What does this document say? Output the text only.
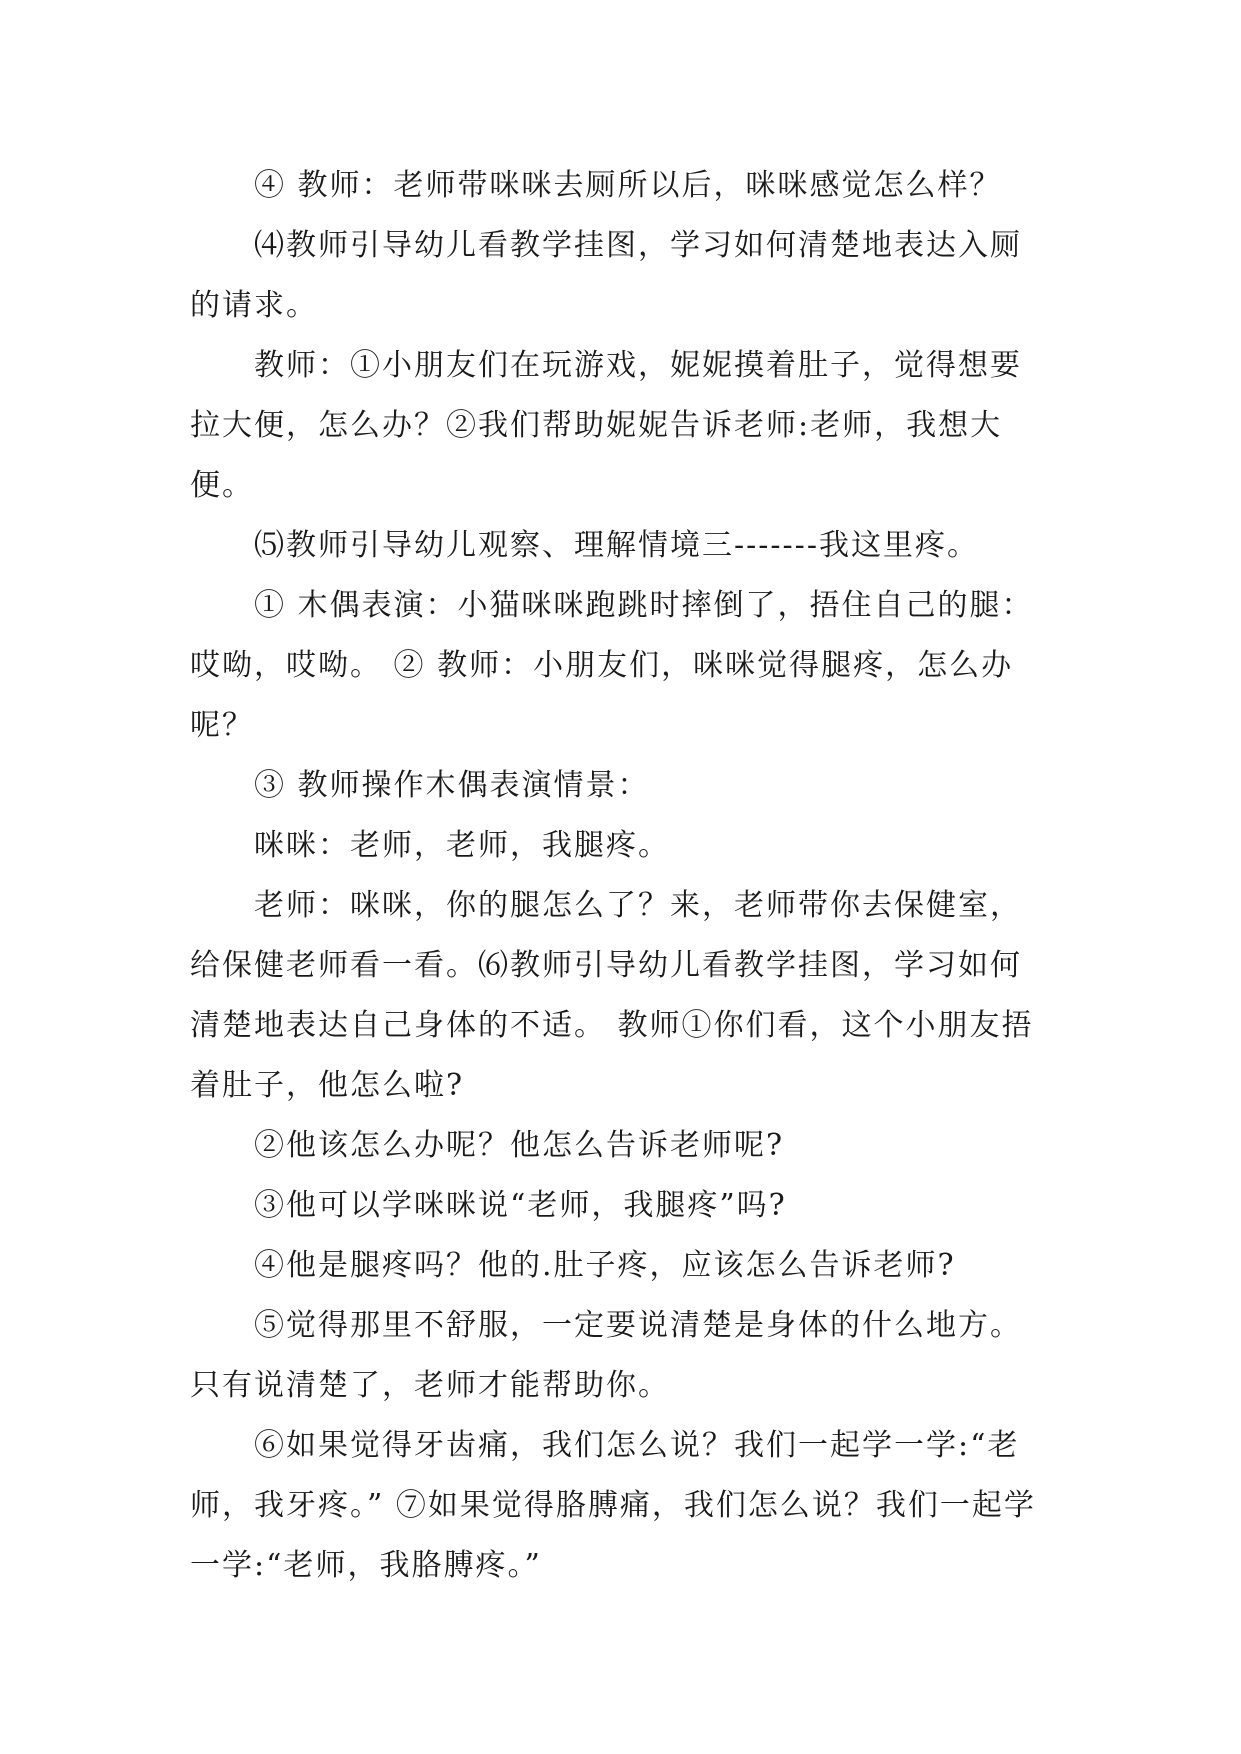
④ 教师：老师带咪咪去厕所以后，咪咪感觉怎么样？

⑷教师引导幼儿看教学挂图，学习如何清楚地表达入厕的请求。

教师：①小朋友们在玩游戏，妮妮摸着肚子，觉得想要拉大便，怎么办？②我们帮助妮妮告诉老师:老师，我想大便。

⑸教师引导幼儿观察、理解情境三-------我这里疼。

① 木偶表演：小猫咪咪跑跳时摔倒了，捂住自己的腿：哎呦，哎呦。 ② 教师：小朋友们，咪咪觉得腿疼，怎么办呢？

③ 教师操作木偶表演情景：

咪咪：老师，老师，我腿疼。

老师：咪咪，你的腿怎么了？来，老师带你去保健室，给保健老师看一看。⑹教师引导幼儿看教学挂图，学习如何清楚地表达自己身体的不适。 教师①你们看，这个小朋友捂着肚子，他怎么啦?

②他该怎么办呢？他怎么告诉老师呢?

③他可以学咪咪说“老师，我腿疼”吗?

④他是腿疼吗？他的.肚子疼，应该怎么告诉老师?

⑤觉得那里不舒服，一定要说清楚是身体的什么地方。只有说清楚了，老师才能帮助你。

⑥如果觉得牙齿痛，我们怎么说？我们一起学一学:“老师，我牙疼。” ⑦如果觉得胳膊痛，我们怎么说？我们一起学一学:“老师，我胳膊疼。”
